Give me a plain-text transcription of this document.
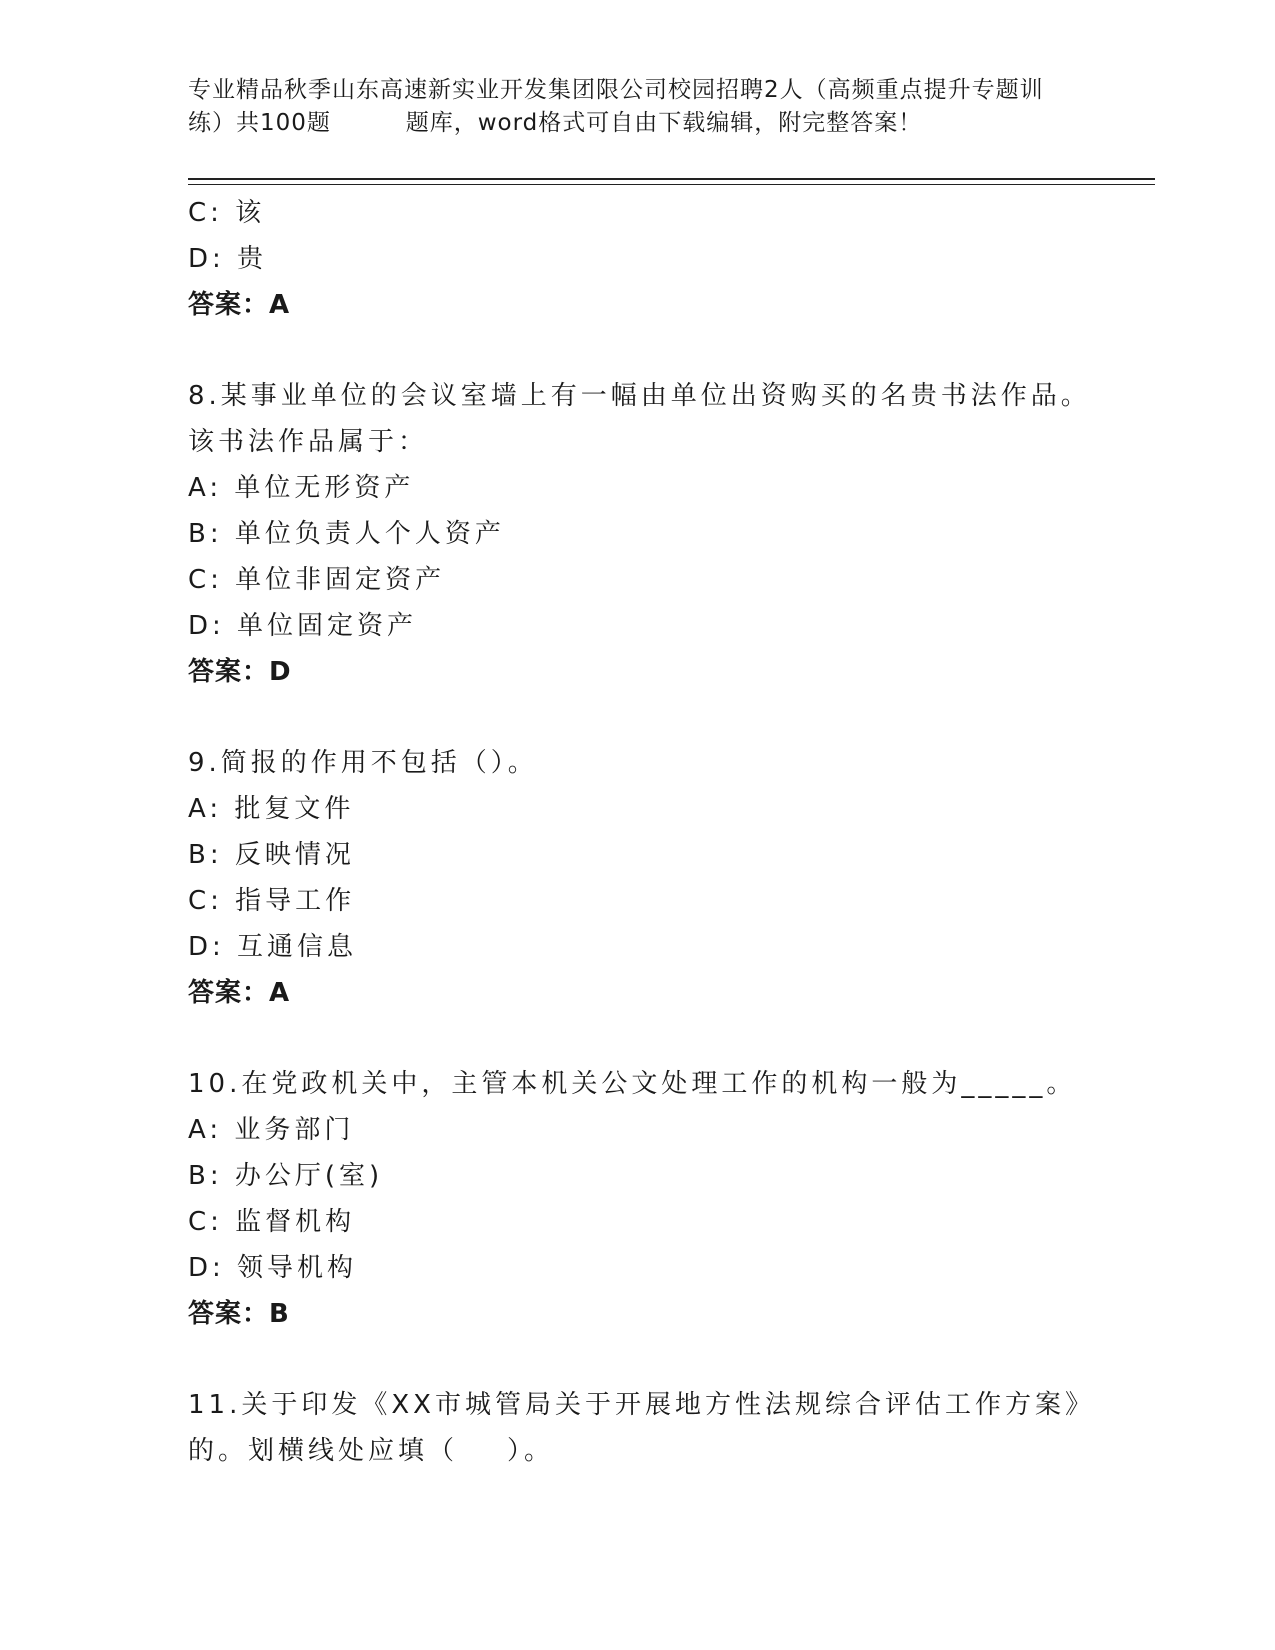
专业精品秋季山东高速新实业开发集团限公司校园招聘2人（高频重点提升专题训
练）共100题         题库，word格式可自由下载编辑，附完整答案！
C: 该
D: 贵
答案：A
8.某事业单位的会议室墙上有一幅由单位出资购买的名贵书法作品。
该书法作品属于：
A: 单位无形资产
B: 单位负责人个人资产
C: 单位非固定资产
D: 单位固定资产
答案：D
9.简报的作用不包括（）。
A: 批复文件
B: 反映情况
C: 指导工作
D: 互通信息
答案：A
10.在党政机关中，主管本机关公文处理工作的机构一般为_____。
A: 业务部门
B: 办公厅(室)
C: 监督机构
D: 领导机构
答案：B
11.关于印发《XX市城管局关于开展地方性法规综合评估工作方案》
的。划横线处应填（    ）。
